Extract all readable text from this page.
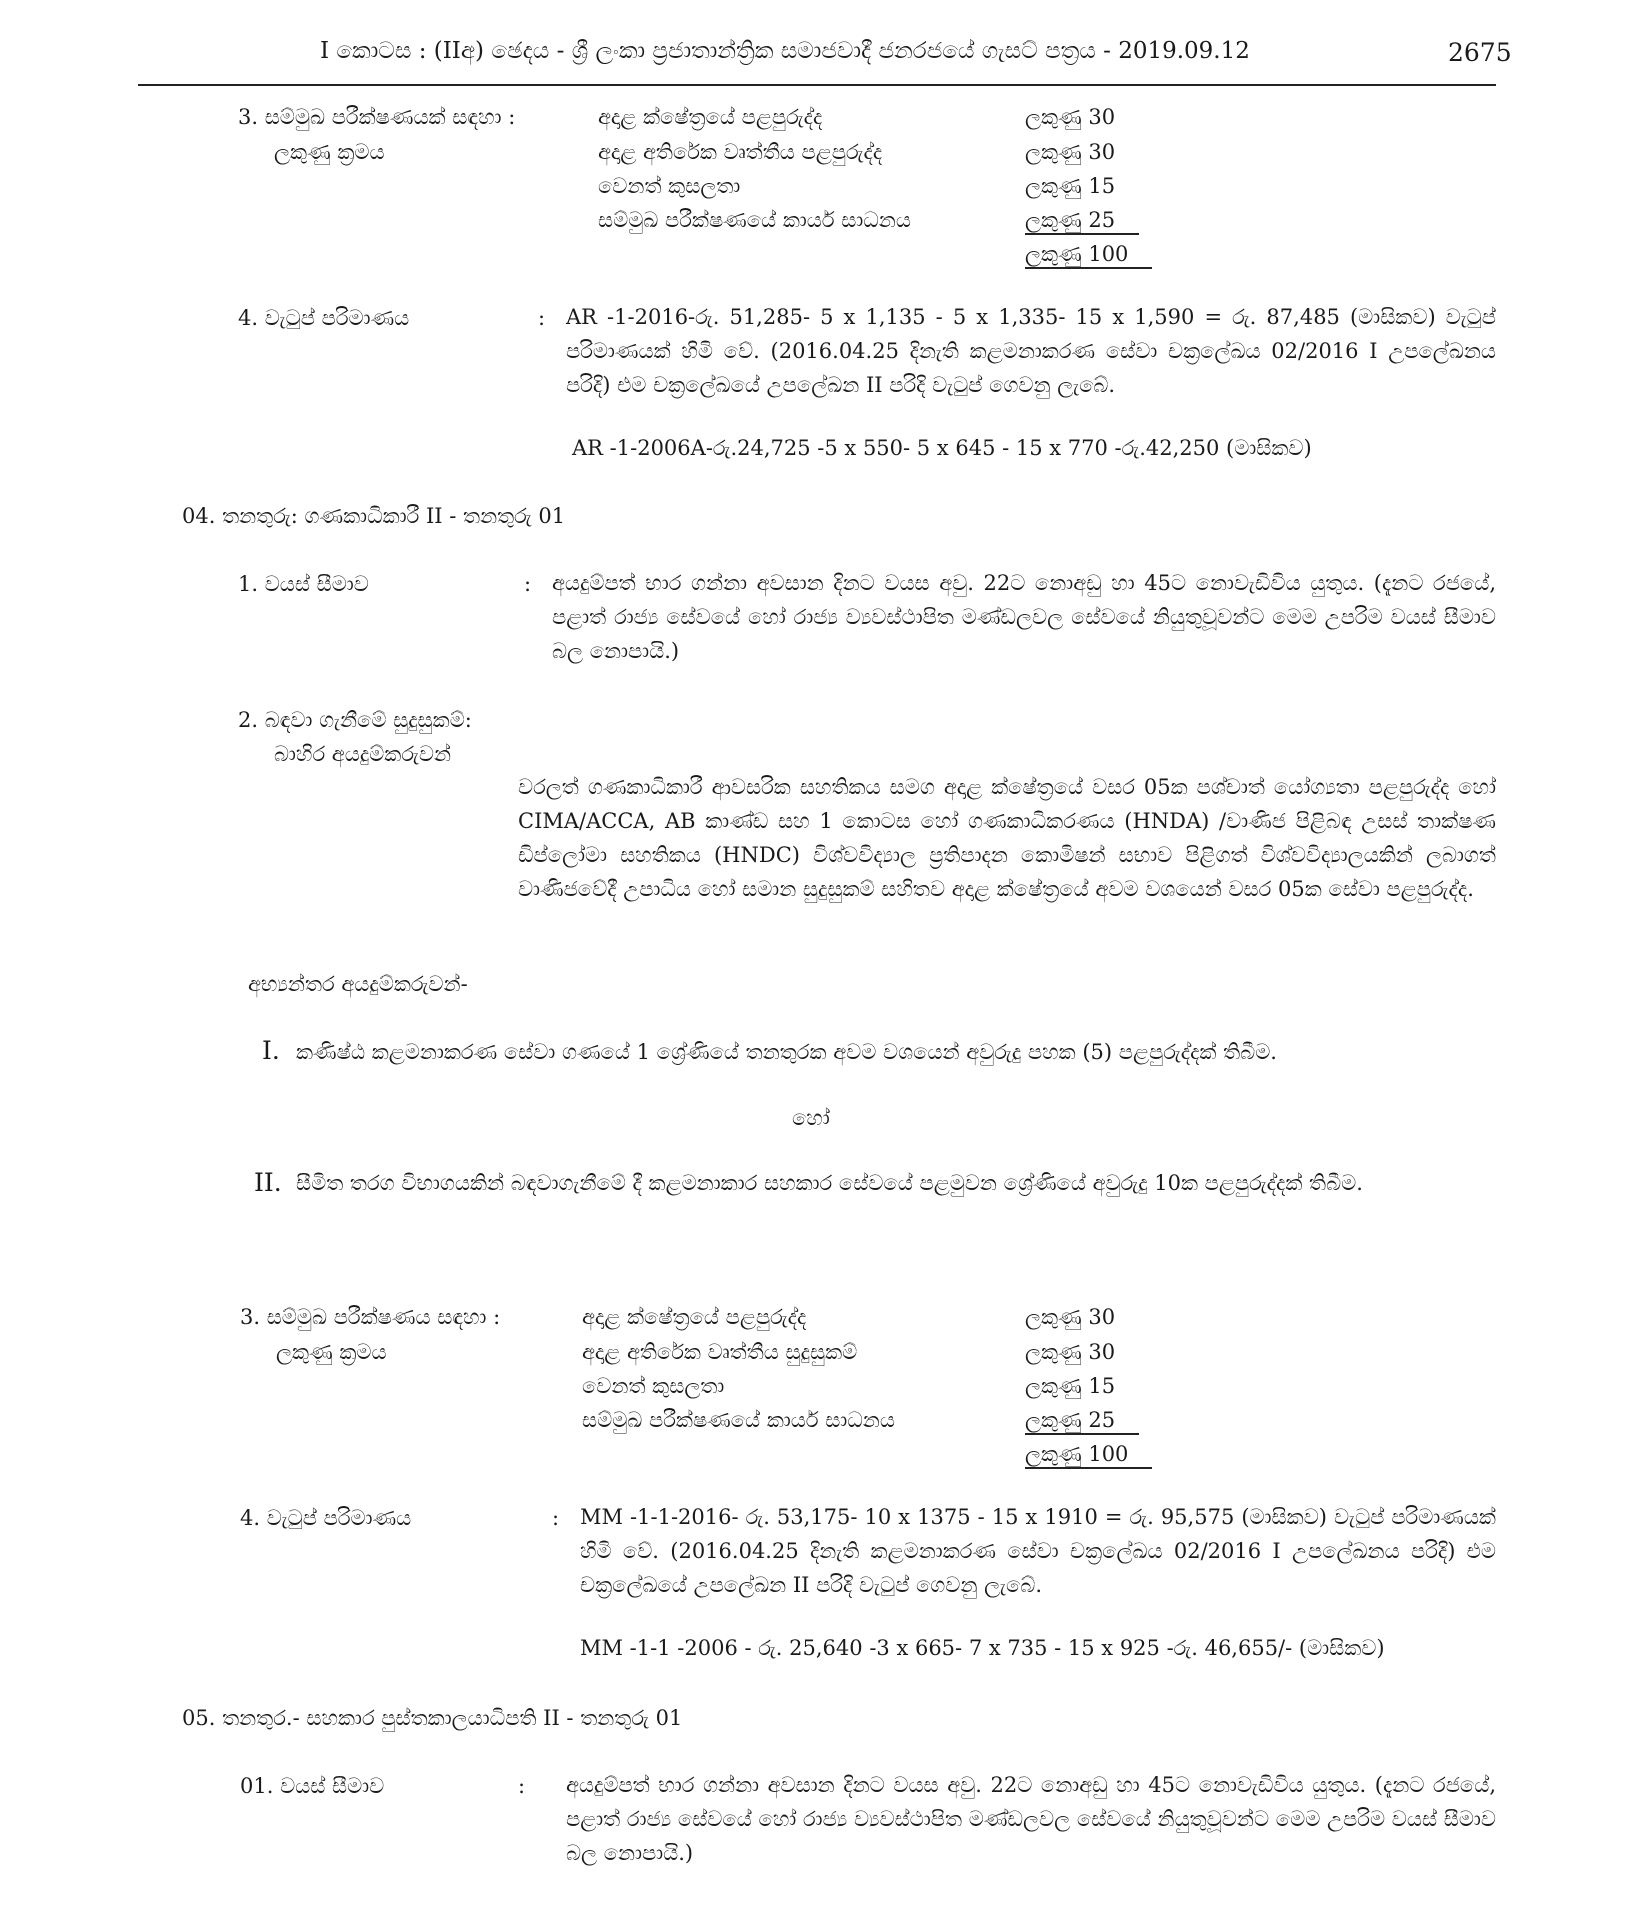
I කොටස : (IIඅ) ඡෙදය - ශ්‍රී ලංකා ප්‍රජාතාන්ත්‍රික සමාජවාදී ජනරජයේ ගැසට් පත්‍රය - 2019.09.12	2675
3. සම්මුඛ පරීක්ෂණයක් සඳහා :
ලකුණු ක්‍රමය
අදාළ ක්ෂේත්‍රයේ පළපුරුද්ද	ලකුණු 30
අදාළ අතිරේක වෘත්තීය පළපුරුද්ද	ලකුණු 30
වෙනත් කුසලතා	ලකුණු 15
සම්මුඛ පරීක්ෂණයේ කාර්ය සාධනය	ලකුණු 25
ලකුණු 100
4. වැටුප් පරිමාණය	: AR -1-2016-රු. 51,285- 5 x 1,135 - 5 x 1,335- 15 x 1,590 = රු. 87,485 (මාසිකව) වැටුප් පරිමාණයක් හිමි වේ. (2016.04.25 දිනැති කළමනාකරණ සේවා චක්‍රලේඛය 02/2016 I උපලේඛනය පරිදි) එම චක්‍රලේඛයේ උපලේඛන II පරිදි වැටුප් ගෙවනු ලැබේ.
AR -1-2006A-රු.24,725 -5 x 550- 5 x 645 - 15 x 770 -රු.42,250 (මාසිකව)
04. තනතුරු: ගණකාධිකාරී II - තනතුරු 01
1. වයස් සීමාව	: අයදුම්පත් භාර ගන්නා අවසාන දිනට වයස අවු. 22ට නොඅඩු හා 45ට නොවැඩිවිය යුතුය. (දැනට රජයේ, පළාත් රාජ්‍ය සේවයේ හෝ රාජ්‍ය ව්‍යවස්ථාපිත මණ්ඩලවල සේවයේ නියුතුවූවන්ට මෙම උපරිම වයස් සීමාව බල නොපායි.)
2. බඳවා ගැනීමේ සුදුසුකම්:
බාහිර අයදුම්කරුවන්
වරලත් ගණකාධිකාරී ආවසරික සහතිකය සමග අදාළ ක්ෂේත්‍රයේ වසර 05ක පශ්චාත් යෝග්‍යතා පළපුරුද්ද හෝ CIMA/ACCA, AB කාණ්ඩ සහ 1 කොටස හෝ ගණකාධිකරණය (HNDA) /වාණිජ පිළිබඳ උසස් තාක්ෂණ ඩිප්ලෝමා සහතිකය (HNDC) විශ්වවිද්‍යාල ප්‍රතිපාදන කොමිෂන් සභාව පිළිගත් විශ්වවිද්‍යාලයකින් ලබාගත් වාණිජවේදී උපාධිය හෝ සමාන සුදුසුකම් සහිතව අදාළ ක්ෂේත්‍රයේ අවම වශයෙන් වසර 05ක සේවා පළපුරුද්ද.
අභ්‍යන්තර අයදුම්කරුවන්-
I. කණිෂ්ඨ කළමනාකරණ සේවා ගණයේ 1 ශ්‍රේණියේ තනතුරක අවම වශයෙන් අවුරුදු පහක (5) පළපුරුද්දක් තිබීම.
හෝ
II. සීමිත තරග විභාගයකින් බඳවාගැනීමේ දී කළමනාකාර සහකාර සේවයේ පළමුවන ශ්‍රේණියේ අවුරුදු 10ක පළපුරුද්දක් තිබීම.
3. සම්මුඛ පරීක්ෂණය සඳහා :
ලකුණු ක්‍රමය
අදාළ ක්ෂේත්‍රයේ පළපුරුද්ද	ලකුණු 30
අදාළ අතිරේක වෘත්තීය සුදුසුකම්	ලකුණු 30
වෙනත් කුසලතා	ලකුණු 15
සම්මුඛ පරීක්ෂණයේ කාර්ය සාධනය	ලකුණු 25
ලකුණු 100
4. වැටුප් පරිමාණය	: MM -1-1-2016- රු. 53,175- 10 x 1375 - 15 x 1910 = රු. 95,575 (මාසිකව) වැටුප් පරිමාණයක් හිමි වේ. (2016.04.25 දිනැති කළමනාකරණ සේවා චක්‍රලේඛය 02/2016 I උපලේඛනය පරිදි) එම චක්‍රලේඛයේ උපලේඛන II පරිදි වැටුප් ගෙවනු ලැබේ.
MM -1-1 -2006 - රු. 25,640 -3 x 665- 7 x 735 - 15 x 925 -රු. 46,655/- (මාසිකව)
05. තනතුර.- සහකාර පුස්තකාලයාධිපති II - තනතුරු 01
01. වයස් සීමාව	: අයදුම්පත් භාර ගන්නා අවසාන දිනට වයස අවු. 22ට නොඅඩු හා 45ට නොවැඩිවිය යුතුය. (දැනට රජයේ, පළාත් රාජ්‍ය සේවයේ හෝ රාජ්‍ය ව්‍යවස්ථාපිත මණ්ඩලවල සේවයේ නියුතුවූවන්ට මෙම උපරිම වයස් සීමාව බල නොපායි.)
